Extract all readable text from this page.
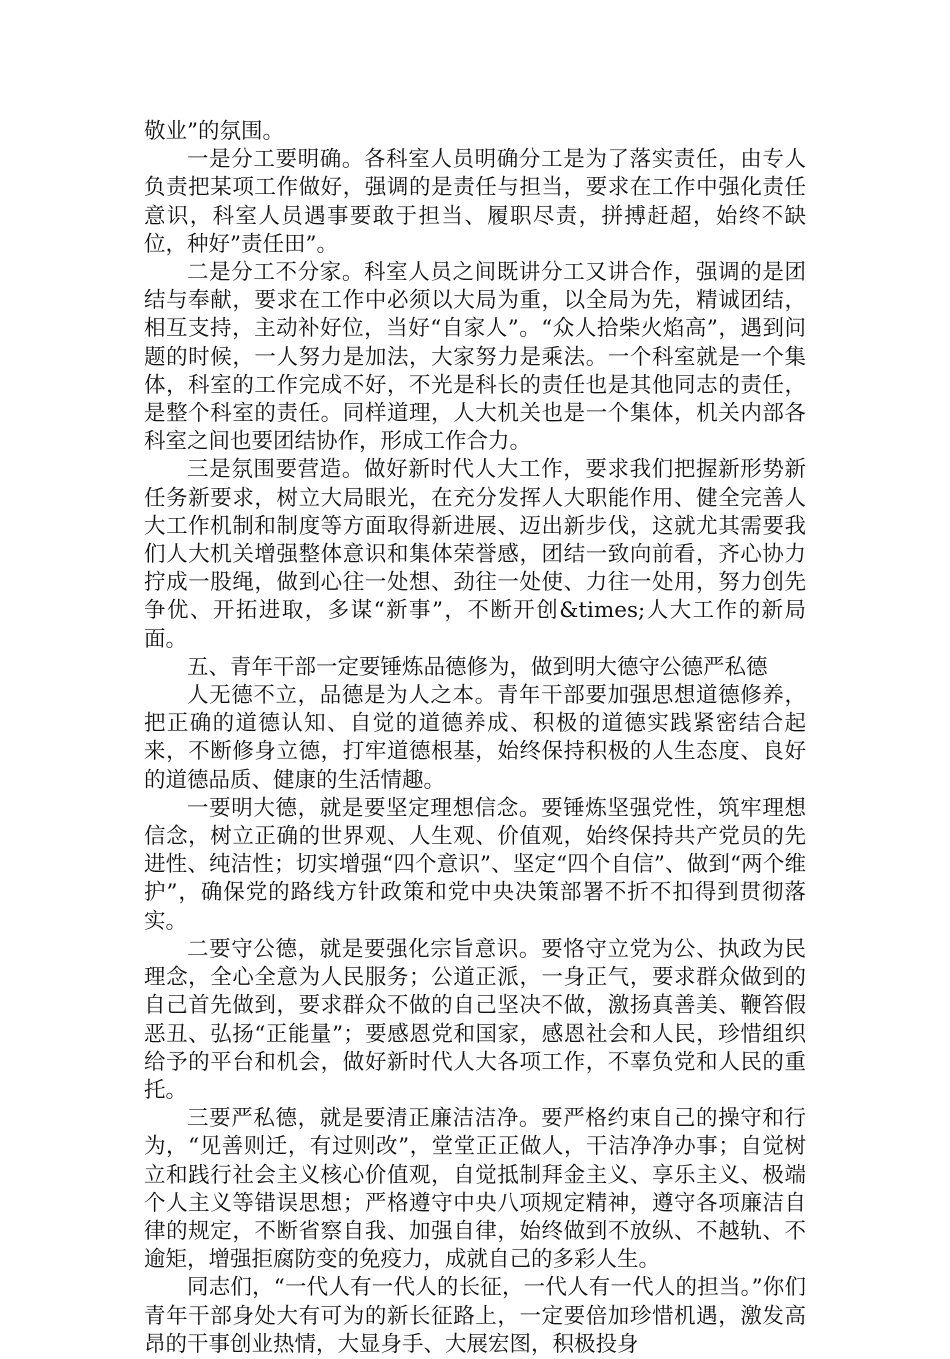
敬业”的氛围。

一是分工要明确。各科室人员明确分工是为了落实责任，由专人负责把某项工作做好，强调的是责任与担当，要求在工作中强化责任意识，科室人员遇事要敢于担当、履职尽责，拼搏赶超，始终不缺位，种好”责任田”。

二是分工不分家。科室人员之间既讲分工又讲合作，强调的是团结与奉献，要求在工作中必须以大局为重，以全局为先，精诚团结，相互支持，主动补好位，当好“自家人”。“众人拾柴火焰高”，遇到问题的时候，一人努力是加法，大家努力是乘法。一个科室就是一个集体，科室的工作完成不好，不光是科长的责任也是其他同志的责任，是整个科室的责任。同样道理，人大机关也是一个集体，机关内部各科室之间也要团结协作，形成工作合力。

三是氛围要营造。做好新时代人大工作，要求我们把握新形势新任务新要求，树立大局眼光，在充分发挥人大职能作用、健全完善人大工作机制和制度等方面取得新进展、迈出新步伐，这就尤其需要我们人大机关增强整体意识和集体荣誉感，团结一致向前看，齐心协力拧成一股绳，做到心往一处想、劲往一处使、力往一处用，努力创先争优、开拓进取，多谋“新事”，不断开创&times;人大工作的新局面。

五、青年干部一定要锤炼品德修为，做到明大德守公德严私德

人无德不立，品德是为人之本。青年干部要加强思想道德修养，把正确的道德认知、自觉的道德养成、积极的道德实践紧密结合起来，不断修身立德，打牢道德根基，始终保持积极的人生态度、良好的道德品质、健康的生活情趣。

一要明大德，就是要坚定理想信念。要锤炼坚强党性，筑牢理想信念，树立正确的世界观、人生观、价值观，始终保持共产党员的先进性、纯洁性；切实增强“四个意识”、坚定“四个自信”、做到“两个维护”，确保党的路线方针政策和党中央决策部署不折不扣得到贯彻落实。

二要守公德，就是要强化宗旨意识。要恪守立党为公、执政为民理念，全心全意为人民服务；公道正派，一身正气，要求群众做到的自己首先做到，要求群众不做的自己坚决不做，激扬真善美、鞭笞假恶丑、弘扬“正能量”；要感恩党和国家，感恩社会和人民，珍惜组织给予的平台和机会，做好新时代人大各项工作，不辜负党和人民的重托。

三要严私德，就是要清正廉洁洁净。要严格约束自己的操守和行为，“见善则迁，有过则改”，堂堂正正做人，干洁净净办事；自觉树立和践行社会主义核心价值观，自觉抵制拜金主义、享乐主义、极端个人主义等错误思想；严格遵守中央八项规定精神，遵守各项廉洁自律的规定，不断省察自我、加强自律，始终做到不放纵、不越轨、不逾矩，增强拒腐防变的免疫力，成就自己的多彩人生。

同志们，“一代人有一代人的长征，一代人有一代人的担当。”你们青年干部身处大有可为的新长征路上，一定要倍加珍惜机遇，激发高昂的干事创业热情，大显身手、大展宏图，积极投身
